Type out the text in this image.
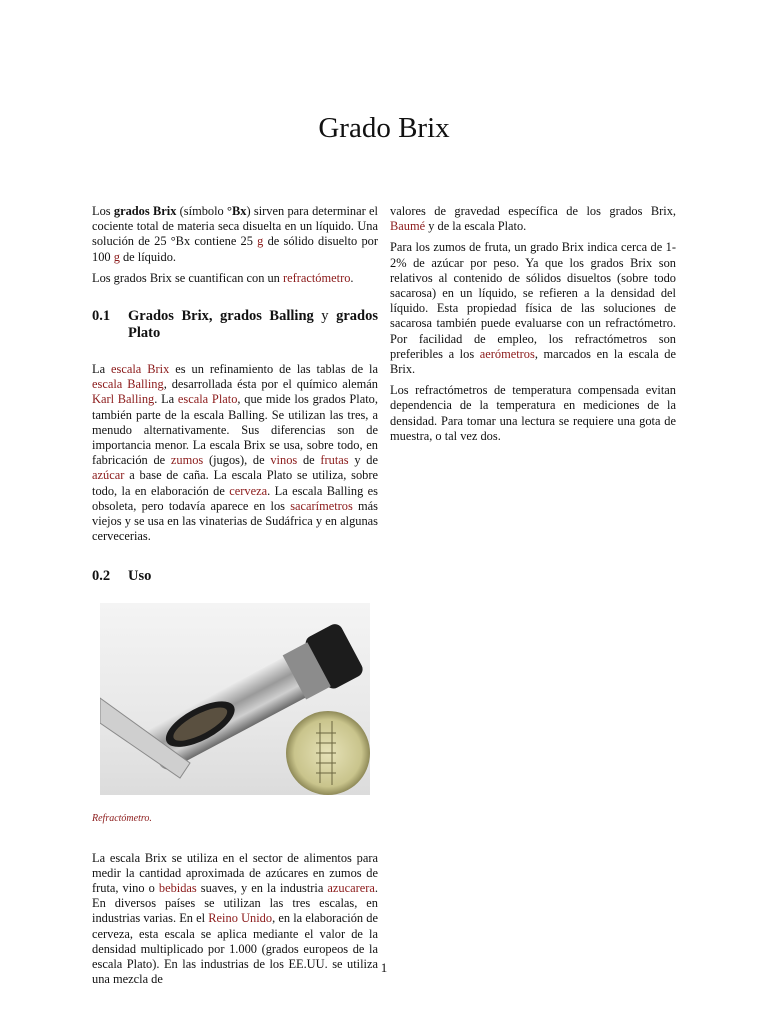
Grado Brix

Los grados Brix (símbolo °Bx) sirven para determinar el cociente total de materia seca disuelta en un líquido. Una solución de 25 °Bx contiene 25 g de sólido disuelto por 100 g de líquido.

Los grados Brix se cuantifican con un refractómetro.

0.1	Grados Brix, grados Balling y grados Plato

La escala Brix es un refinamiento de las tablas de la escala Balling, desarrollada ésta por el químico alemán Karl Balling. La escala Plato, que mide los grados Plato, también parte de la escala Balling. Se utilizan las tres, a menudo alternativamente. Sus diferencias son de importancia menor. La escala Brix se usa, sobre todo, en fabricación de zumos (jugos), de vinos de frutas y de azúcar a base de caña. La escala Plato se utiliza, sobre todo, la en elaboración de cerveza. La escala Balling es obsoleta, pero todavía aparece en los sacarímetros más viejos y se usa en las vinaterias de Sudáfrica y en algunas cervecerias.

0.2	Uso
Refractómetro.

La escala Brix se utiliza en el sector de alimentos para medir la cantidad aproximada de azúcares en zumos de fruta, vino o bebidas suaves, y en la industria azucarera. En diversos países se utilizan las tres escalas, en industrias varias. En el Reino Unido, en la elaboración de cerveza, esta escala se aplica mediante el valor de la densidad multiplicado por 1.000 (grados europeos de la escala Plato). En las industrias de los EE.UU. se utiliza una mezcla de

valores de gravedad específica de los grados Brix, Baumé y de la escala Plato.

Para los zumos de fruta, un grado Brix indica cerca de 1-2% de azúcar por peso. Ya que los grados Brix son relativos al contenido de sólidos disueltos (sobre todo sacarosa) en un líquido, se refieren a la densidad del líquido. Esta propiedad física de las soluciones de sacarosa también puede evaluarse con un refractómetro. Por facilidad de empleo, los refractómetros son preferibles a los aerómetros, marcados en la escala de Brix.

Los refractómetros de temperatura compensada evitan dependencia de la temperatura en mediciones de la densidad. Para tomar una lectura se requiere una gota de muestra, o tal vez dos.

1
